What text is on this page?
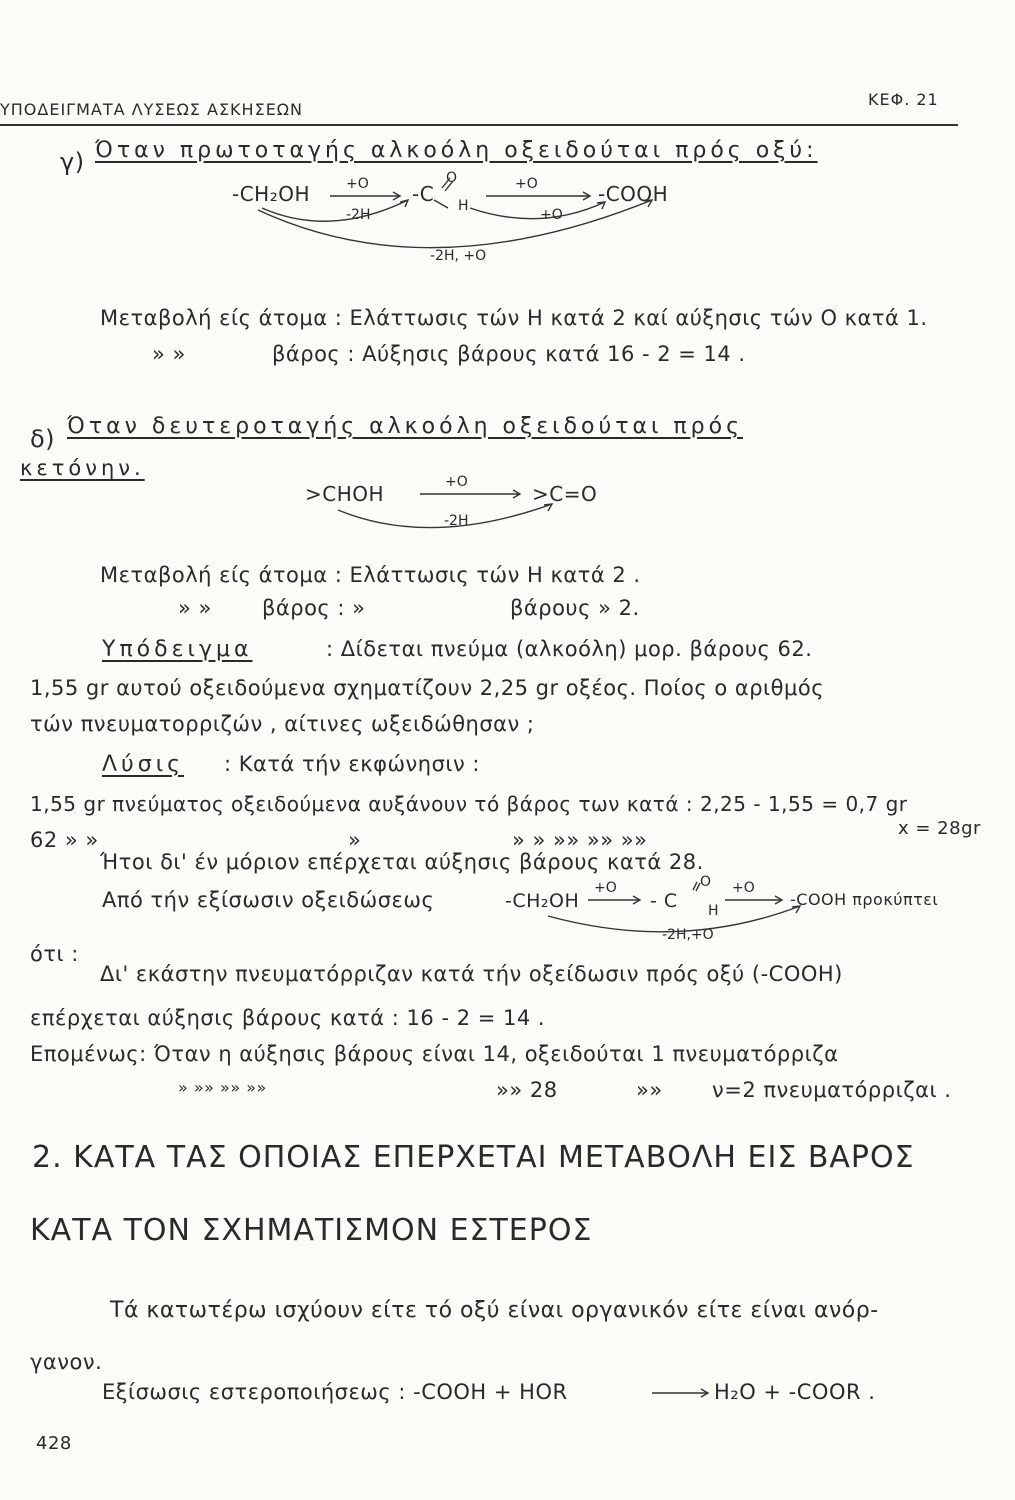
ΥΠΟΔΕΙΓΜΑΤΑ ΛΥΣΕΩΣ ΑΣΚΗΣΕΩΝ
ΚΕΦ. 21
γ) Όταν πρωτοταγής αλκοόλη οξειδούται πρός οξύ:
-CH₂OH	+O
-2H
-C
O
H
+O
+O
-COOH
-2H, +O
Μεταβολή είς άτομα : Ελάττωσις τών Η κατά 2 καί αύξησις τών Ο κατά 1.
» »	βάρος : Αύξησις βάρους κατά 16 - 2 = 14 .
δ) Όταν δευτεροταγής αλκοόλη οξειδούται πρός
κετόνην.
>CHOH	+O
-2H
>C=O
Μεταβολή είς άτομα : Ελάττωσις τών Η κατά 2 .
» » βάρος : »	βάρους » 2.
Υπόδειγμα	: Δίδεται πνεύμα (αλκοόλη) μορ. βάρους 62.
1,55 gr αυτού οξειδούμενα σχηματίζουν 2,25 gr οξέος. Ποίος ο αριθμός
τών πνευματορριζών , αίτινες ωξειδώθησαν ;
Λύσις : Κατά τήν εκφώνησιν :
1,55 gr πνεύματος οξειδούμενα αυξάνουν τό βάρος των κατά : 2,25 - 1,55 = 0,7 gr
62 » »	»	» » »» »» »»	x = 28gr
Ήτοι δι' έν μόριον επέρχεται αύξησις βάρους κατά 28.
Από τήν εξίσωσιν οξειδώσεως	-CH₂OH
+O
- C
O
H
+O
-COOH προκύπτει
-2H,+O
ότι :
Δι' εκάστην πνευματόρριζαν κατά τήν οξείδωσιν πρός οξύ (-COOH)
επέρχεται αύξησις βάρους κατά : 16 - 2 = 14 .
Επομένως: Όταν η αύξησις βάρους είναι 14, οξειδούται 1 πνευματόρριζα
» »» »» »»	»» 28	»» ν=2 πνευματόρριζαι .
2. ΚΑΤΑ ΤΑΣ ΟΠΟΙΑΣ ΕΠΕΡΧΕΤΑΙ ΜΕΤΑΒΟΛΗ ΕΙΣ ΒΑΡΟΣ
ΚΑΤΑ ΤΟΝ ΣΧΗΜΑΤΙΣΜΟΝ ΕΣΤΕΡΟΣ
Τά κατωτέρω ισχύουν είτε τό οξύ είναι οργανικόν είτε είναι ανόρ-
γανον.
Εξίσωσις εστεροποιήσεως : -COOH + HOR	H₂O + -COOR .
428
